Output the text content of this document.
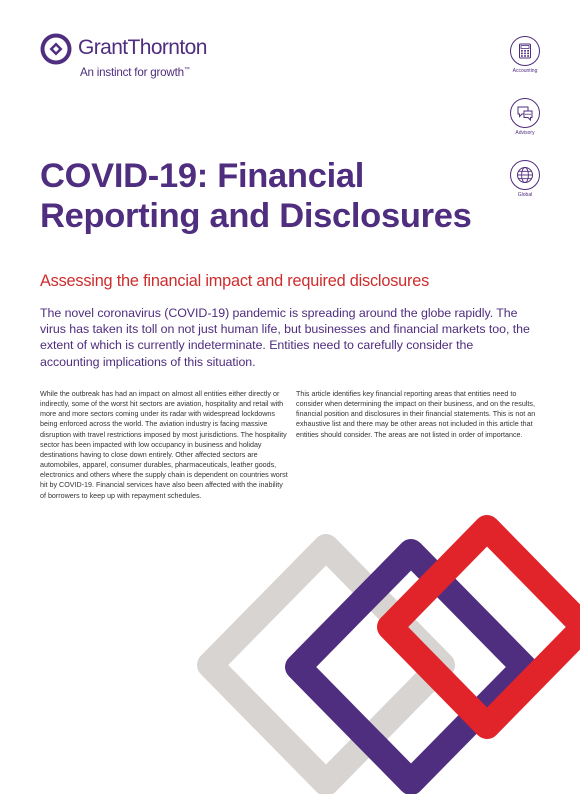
GrantThornton
An instinct for growth™	Accounting
Advisory
Global
COVID-19: Financial Reporting and Disclosures
Assessing the financial impact and required disclosures

The novel coronavirus (COVID-19) pandemic is spreading around the globe rapidly. The virus has taken its toll on not just human life, but businesses and financial markets too, the extent of which is currently indeterminate. Entities need to carefully consider the accounting implications of this situation.

While the outbreak has had an impact on almost all entities either directly or indirectly, some of the worst hit sectors are aviation, hospitality and retail with more and more sectors coming under its radar with widespread lockdowns being enforced across the world. The aviation industry is facing massive disruption with travel restrictions imposed by most jurisdictions. The hospitality sector has been impacted with low occupancy in business and holiday destinations having to close down entirely. Other affected sectors are automobiles, apparel, consumer durables, pharmaceuticals, leather goods, electronics and others where the supply chain is dependent on countries worst hit by COVID-19. Financial services have also been affected with the inability of borrowers to keep up with repayment schedules.

This article identifies key financial reporting areas that entities need to consider when determining the impact on their business, and on the results, financial position and disclosures in their financial statements. This is not an exhaustive list and there may be other areas not included in this article that entities should consider. The areas are not listed in order of importance.
